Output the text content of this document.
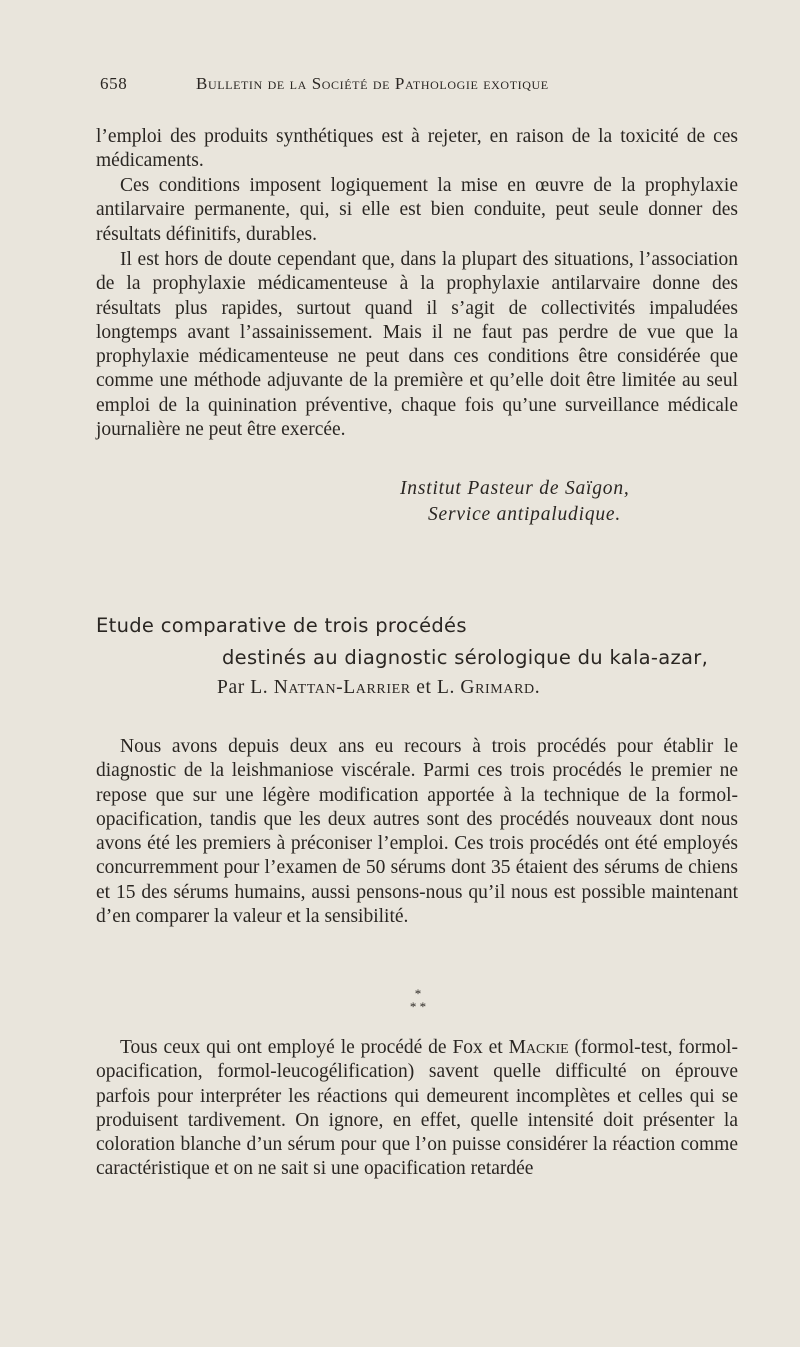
658	Bulletin de la Société de Pathologie exotique

l’emploi des produits synthétiques est à rejeter, en raison de la toxicité de ces médicaments.

Ces conditions imposent logiquement la mise en œuvre de la prophylaxie antilarvaire permanente, qui, si elle est bien conduite, peut seule donner des résultats définitifs, durables.

Il est hors de doute cependant que, dans la plupart des situations, l’association de la prophylaxie médicamenteuse à la prophylaxie antilarvaire donne des résultats plus rapides, surtout quand il s’agit de collectivités impaludées longtemps avant l’assainissement. Mais il ne faut pas perdre de vue que la prophylaxie médicamenteuse ne peut dans ces conditions être considérée que comme une méthode adjuvante de la première et qu’elle doit être limitée au seul emploi de la quinination préventive, chaque fois qu’une surveillance médicale journalière ne peut être exercée.

Institut Pasteur de Saïgon,
Service antipaludique.
Etude comparative de trois procédés
destinés au diagnostic sérologique du kala-azar,
Par L. Nattan-Larrier et L. Grimard.

Nous avons depuis deux ans eu recours à trois procédés pour établir le diagnostic de la leishmaniose viscérale. Parmi ces trois procédés le premier ne repose que sur une légère modification apportée à la technique de la formol-opacification, tandis que les deux autres sont des procédés nouveaux dont nous avons été les premiers à préconiser l’emploi. Ces trois procédés ont été employés concurremment pour l’examen de 50 sérums dont 35 étaient des sérums de chiens et 15 des sérums humains, aussi pensons-nous qu’il nous est possible maintenant d’en comparer la valeur et la sensibilité.

*
* *

Tous ceux qui ont employé le procédé de Fox et Mackie (formol-test, formol-opacification, formol-leucogélification) savent quelle difficulté on éprouve parfois pour interpréter les réactions qui demeurent incomplètes et celles qui se produisent tardivement. On ignore, en effet, quelle intensité doit présenter la coloration blanche d’un sérum pour que l’on puisse considérer la réaction comme caractéristique et on ne sait si une opacification retardée
